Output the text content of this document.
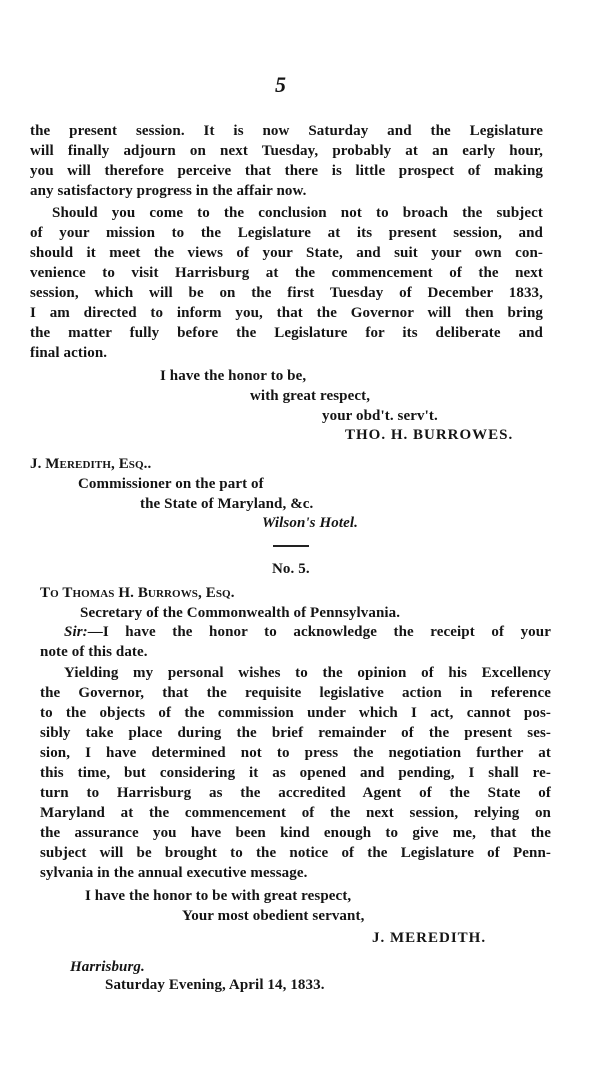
5
the present session. It is now Saturday and the Legislature
will finally adjourn on next Tuesday, probably at an early hour,
you will therefore perceive that there is little prospect of making
any satisfactory progress in the affair now.
Should you come to the conclusion not to broach the subject
of your mission to the Legislature at its present session, and
should it meet the views of your State, and suit your own con-
venience to visit Harrisburg at the commencement of the next
session, which will be on the first Tuesday of December 1833,
I am directed to inform you, that the Governor will then bring
the matter fully before the Legislature for its deliberate and
final action.
I have the honor to be,
with great respect,
your obd't. serv't.
THO. H. BURROWES.
J. Meredith, Esq..
Commissioner on the part of
the State of Maryland, &c.
Wilson's Hotel.
No. 5.
To Thomas H. Burrows, Esq.
Secretary of the Commonwealth of Pennsylvania.
Sir: —I have the honor to acknowledge the receipt of your
note of this date.
Yielding my personal wishes to the opinion of his Excellency
the Governor, that the requisite legislative action in reference
to the objects of the commission under which I act, cannot pos-
sibly take place during the brief remainder of the present ses-
sion, I have determined not to press the negotiation further at
this time, but considering it as opened and pending, I shall re-
turn to Harrisburg as the accredited Agent of the State of
Maryland at the commencement of the next session, relying on
the assurance you have been kind enough to give me, that the
subject will be brought to the notice of the Legislature of Penn-
sylvania in the annual executive message.
I have the honor to be with great respect,
Your most obedient servant,
J. MEREDITH.
Harrisburg.
Saturday Evening, April 14, 1833.
